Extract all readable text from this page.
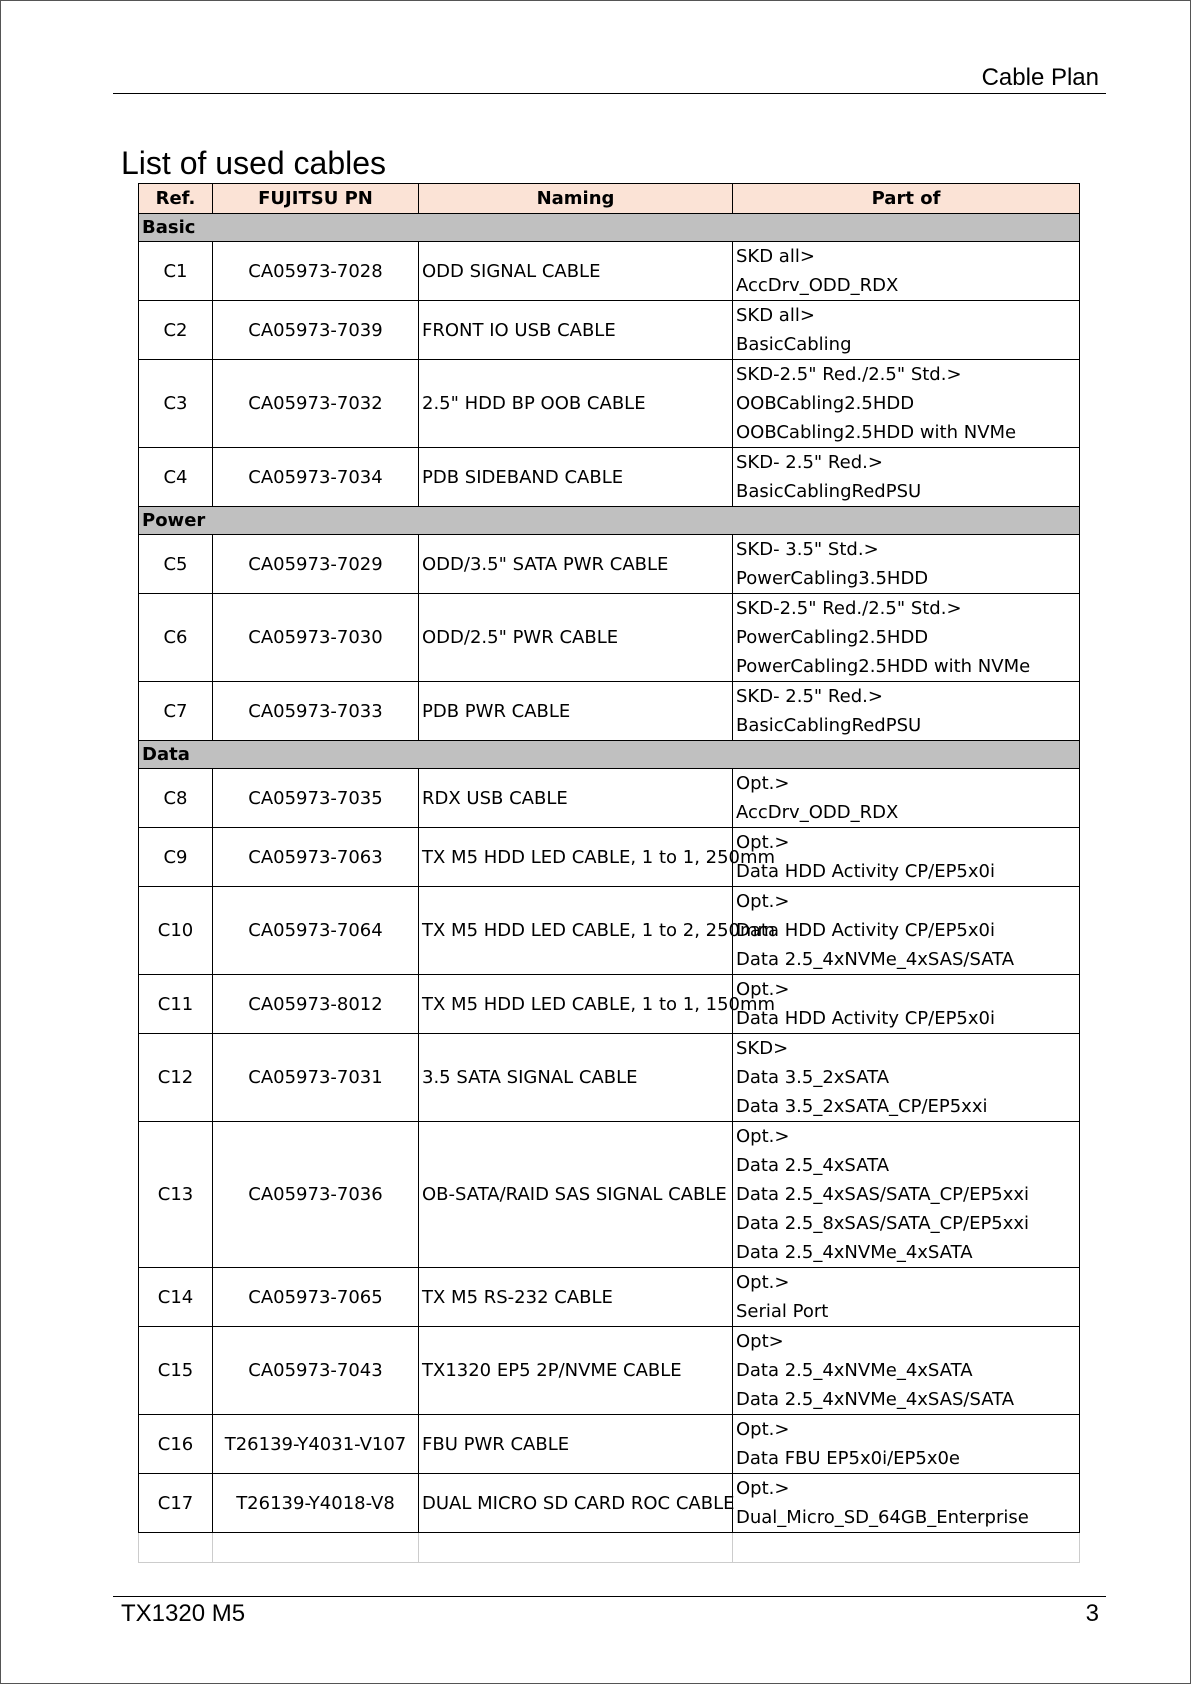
Cable Plan
List of used cables
Ref.	FUJITSU PN	Naming	Part of
Basic			
C1	CA05973-7028	ODD SIGNAL CABLE	SKD all>
AccDrv_ODD_RDX

C2	CA05973-7039	FRONT IO USB CABLE	SKD all>
BasicCabling

C3	CA05973-7032	2.5" HDD BP OOB CABLE	SKD-2.5" Red./2.5" Std.>
OOBCabling2.5HDD
OOBCabling2.5HDD with NVMe

C4	CA05973-7034	PDB SIDEBAND CABLE	SKD- 2.5" Red.>
BasicCablingRedPSU

Power			
C5	CA05973-7029	ODD/3.5" SATA PWR CABLE	SKD- 3.5" Std.>
PowerCabling3.5HDD

C6	CA05973-7030	ODD/2.5" PWR CABLE	SKD-2.5" Red./2.5" Std.>
PowerCabling2.5HDD
PowerCabling2.5HDD with NVMe

C7	CA05973-7033	PDB PWR CABLE	SKD- 2.5" Red.>
BasicCablingRedPSU

Data			
C8	CA05973-7035	RDX USB CABLE	Opt.>
AccDrv_ODD_RDX

C9	CA05973-7063	TX M5 HDD LED CABLE, 1 to 1, 250mm	Opt.>
Data HDD Activity CP/EP5x0i

C10	CA05973-7064	TX M5 HDD LED CABLE, 1 to 2, 250mm	Opt.>
Data HDD Activity CP/EP5x0i
Data 2.5_4xNVMe_4xSAS/SATA

C11	CA05973-8012	TX M5 HDD LED CABLE, 1 to 1, 150mm	Opt.>
Data HDD Activity CP/EP5x0i

C12	CA05973-7031	3.5 SATA SIGNAL CABLE	SKD>
Data 3.5_2xSATA
Data 3.5_2xSATA_CP/EP5xxi

C13	CA05973-7036	OB-SATA/RAID SAS SIGNAL CABLE	Opt.>
Data 2.5_4xSATA
Data 2.5_4xSAS/SATA_CP/EP5xxi
Data 2.5_8xSAS/SATA_CP/EP5xxi
Data 2.5_4xNVMe_4xSATA

C14	CA05973-7065	TX M5 RS-232 CABLE	Opt.>
Serial Port

C15	CA05973-7043	TX1320 EP5 2P/NVME CABLE	Opt>
Data 2.5_4xNVMe_4xSATA
Data 2.5_4xNVMe_4xSAS/SATA

C16	T26139-Y4031-V107	FBU PWR CABLE	Opt.>
Data FBU EP5x0i/EP5x0e

C17	T26139-Y4018-V8	DUAL MICRO SD CARD ROC CABLE	Opt.>
Dual_Micro_SD_64GB_Enterprise

TX1320 M5	3
